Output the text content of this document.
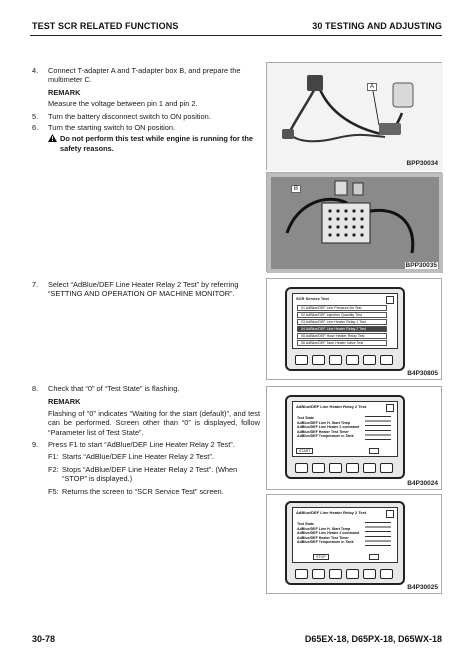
TEST SCR RELATED FUNCTIONS	30 TESTING AND ADJUSTING
4.	Connect T-adapter A and T-adapter box B, and prepare the multimeter C.
REMARK
Measure the voltage between pin 1 and pin 2.
5.	Turn the battery disconnect switch to ON position.
6.	Turn the starting switch to ON position.
Do not perform this test while engine is running for the safety reasons.
A
BPP30034
B
BPP30035
7.	Select “AdBlue/DEF Line Heater Relay 2 Test” by referring “SETTING AND OPERATION OF MACHINE MONITOR”.
SCR Service Test
01 AdBlue/DEF Line Pressure Air Test
02 AdBlue/DEF Injection Quantity Test
03 AdBlue/DEF Line Heater Relay 1 Test
04 AdBlue/DEF Line Heater Relay 2 Test
05 AdBlue/DEF Hose Heater Relay Test
06 AdBlue/DEF Tank Heater Valve Test
B4P30805
8.	Check that “0” of “Test State” is flashing.
REMARK
Flashing of “0” indicates “Waiting for the start (default)”, and test can be performed. Screen other than “0” is displayed, follow “Parameter list of Test State”.
9.	Press F1 to start “AdBlue/DEF Line Heater Relay 2 Test”.
F1: Starts “AdBlue/DEF Line Heater Relay 2 Test”.
F2: Stops “AdBlue/DEF Line Heater Relay 2 Test”. (When “STOP” is displayed.)
F5: Returns the screen to “SCR Service Test” screen.
AdBlue/DEF Line Heater Relay 2 Test
Test State
AdBlue/DEF Line H. Start Temp
AdBlue/DEF Line Heater 2 command
AdBlue/DEF Heater Test Timer
AdBlue/DEF Temperature in Tank
START
B4P30024
AdBlue/DEF Line Heater Relay 2 Test
Test State
AdBlue/DEF Line H. Start Temp
AdBlue/DEF Line Heater 2 command
AdBlue/DEF Heater Test Timer
AdBlue/DEF Temperature in Tank
STOP
B4P30025
30-78	D65EX-18, D65PX-18, D65WX-18
